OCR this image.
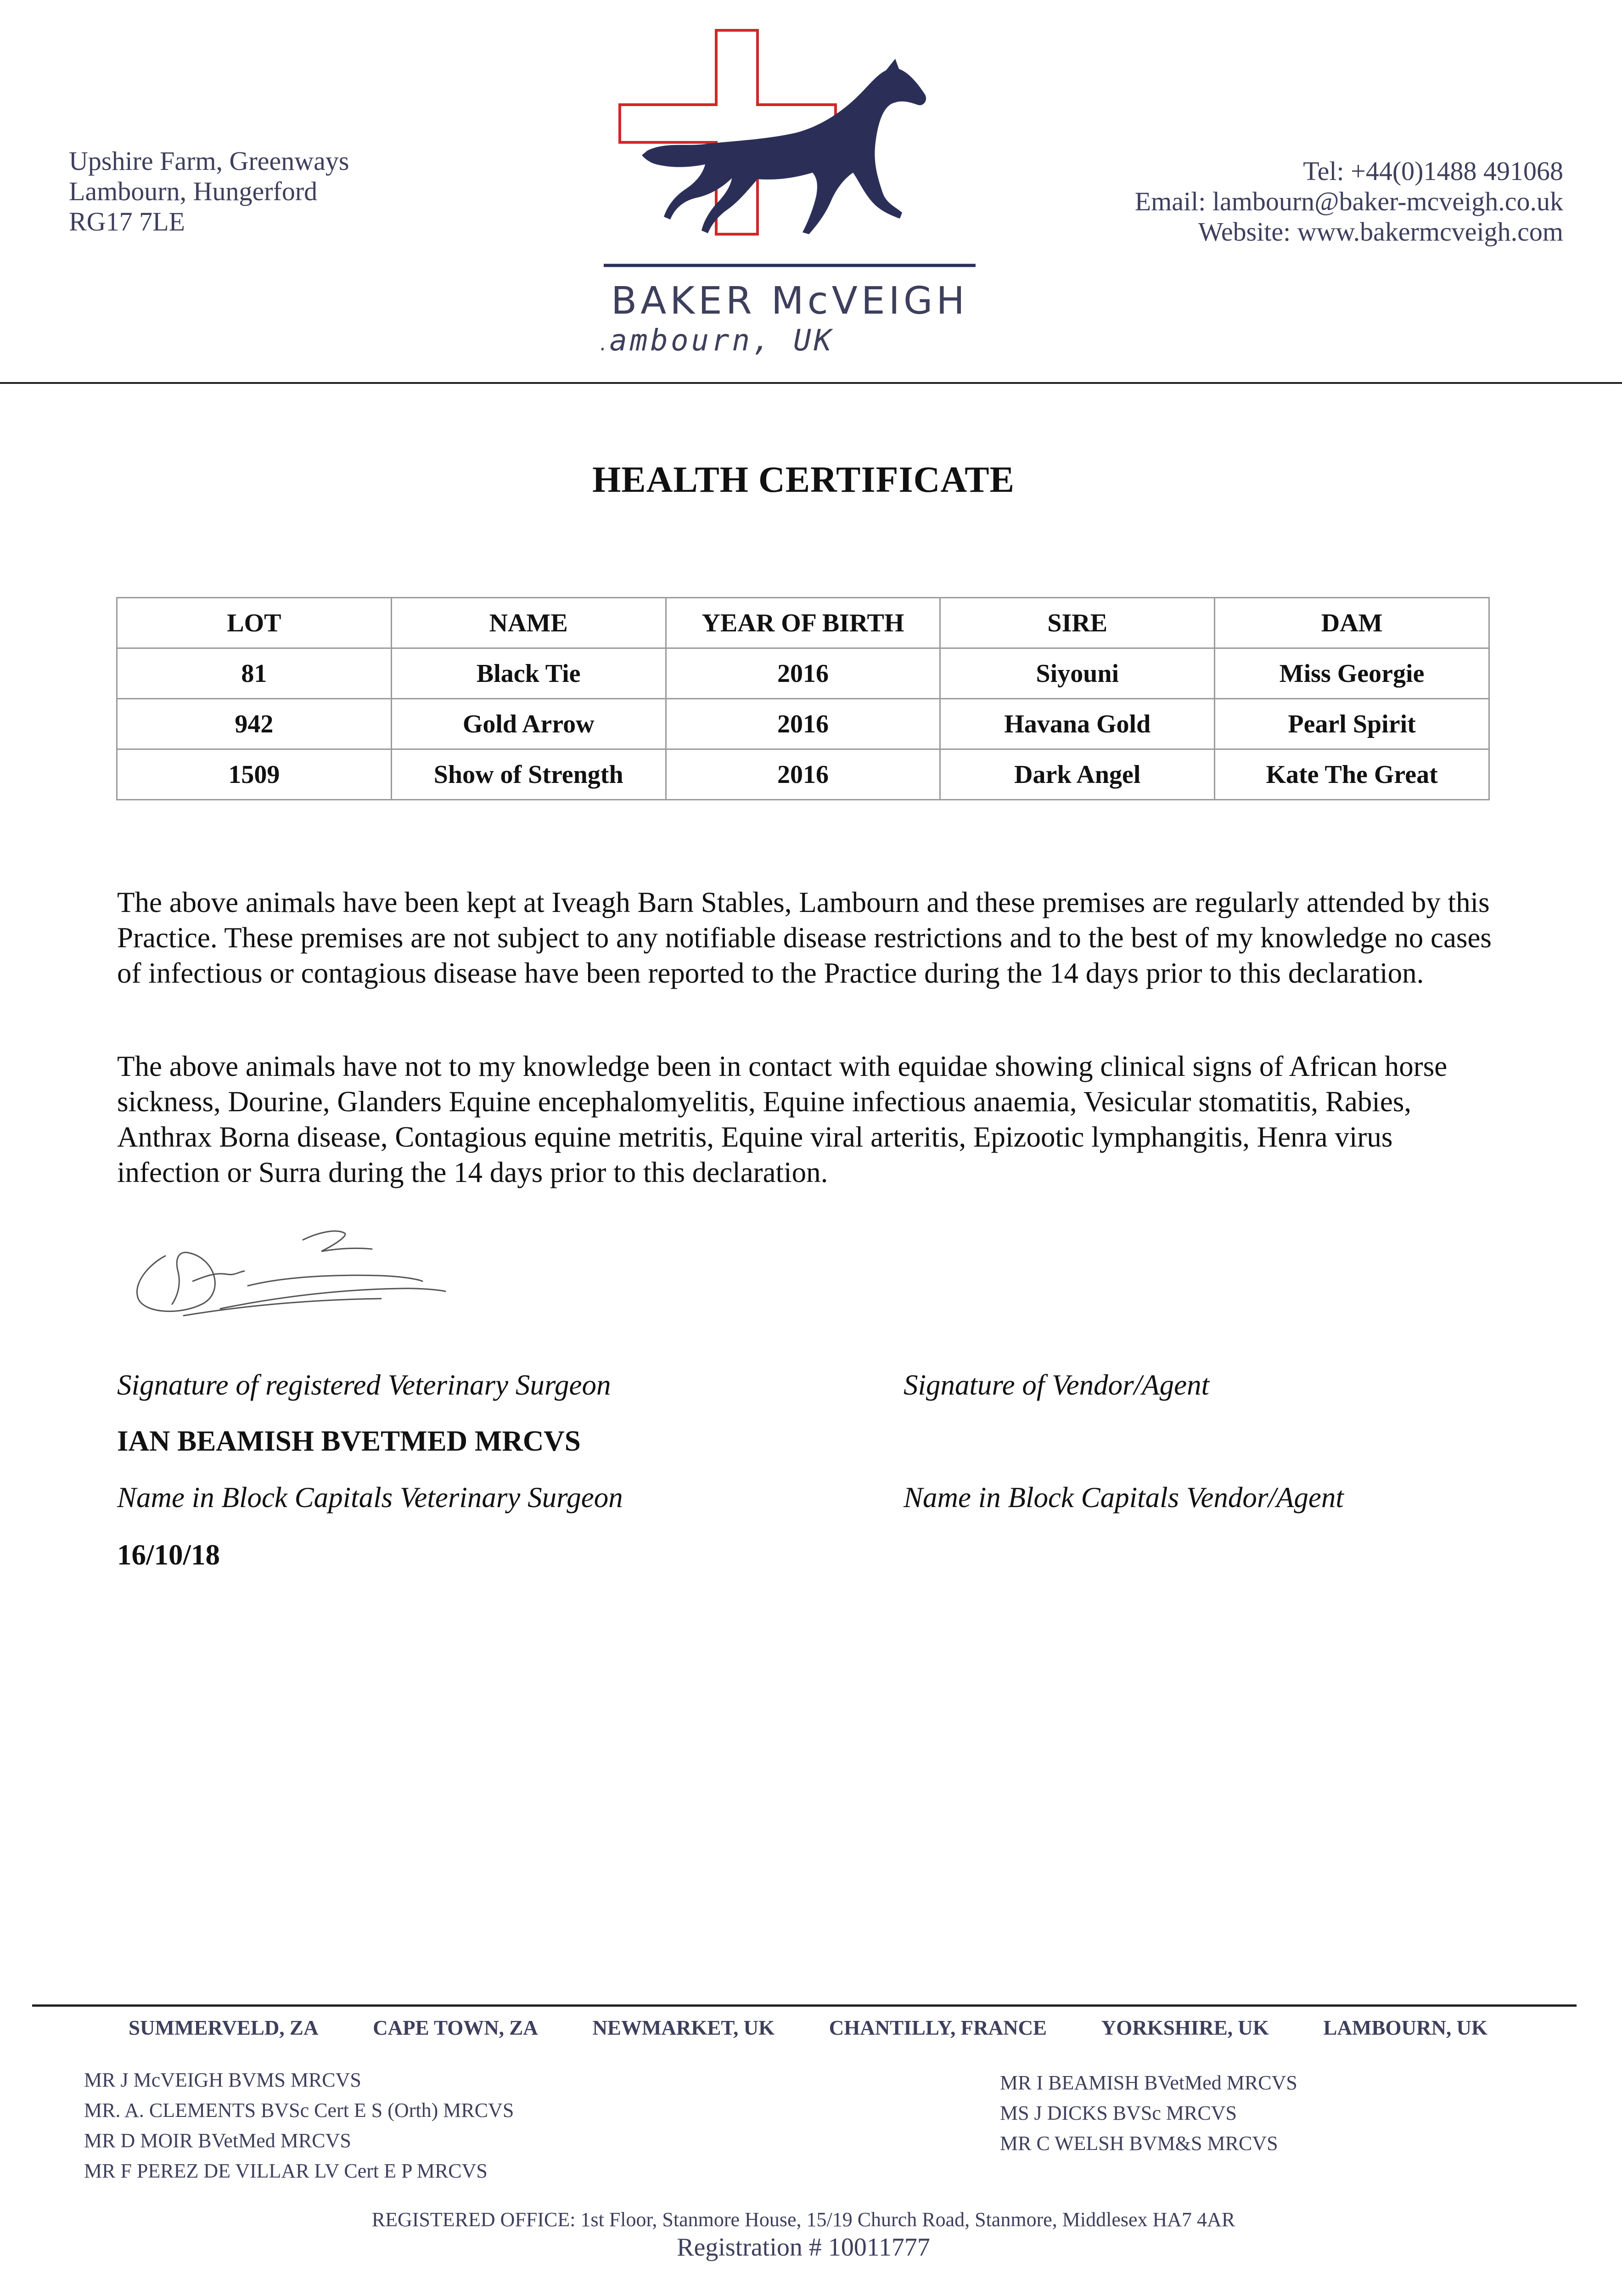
Upshire Farm, Greenways
Lambourn, Hungerford
RG17 7LE
BAKER McVEIGH
Lambourn, UK
Tel: +44(0)1488 491068
Email: lambourn@baker-mcveigh.co.uk
Website: www.bakermcveigh.com
HEALTH CERTIFICATE
LOT	NAME	YEAR OF BIRTH	SIRE	DAM
81	Black Tie	2016	Siyouni	Miss Georgie
942	Gold Arrow	2016	Havana Gold	Pearl Spirit
1509	Show of Strength	2016	Dark Angel	Kate The Great
The above animals have been kept at Iveagh Barn Stables, Lambourn and these premises are regularly attended by this Practice. These premises are not subject to any notifiable disease restrictions and to the best of my knowledge no cases of infectious or contagious disease have been reported to the Practice during the 14 days prior to this declaration.
The above animals have not to my knowledge been in contact with equidae showing clinical signs of African horse sickness, Dourine, Glanders Equine encephalomyelitis, Equine infectious anaemia, Vesicular stomatitis, Rabies, Anthrax Borna disease, Contagious equine metritis, Equine viral arteritis, Epizootic lymphangitis, Henra virus infection or Surra during the 14 days prior to this declaration.
Signature of registered Veterinary Surgeon	Signature of Vendor/Agent
IAN BEAMISH BVETMED MRCVS
Name in Block Capitals Veterinary Surgeon	Name in Block Capitals Vendor/Agent
16/10/18
SUMMERVELD, ZA	CAPE TOWN, ZA	NEWMARKET, UK	CHANTILLY, FRANCE	YORKSHIRE, UK	LAMBOURN, UK
MR J McVEIGH BVMS MRCVS
MR. A. CLEMENTS BVSc Cert E S (Orth) MRCVS
MR D MOIR BVetMed MRCVS
MR F PEREZ DE VILLAR LV Cert E P MRCVS
MR I BEAMISH BVetMed MRCVS
MS J DICKS BVSc MRCVS
MR C WELSH BVM&S MRCVS
REGISTERED OFFICE: 1st Floor, Stanmore House, 15/19 Church Road, Stanmore, Middlesex HA7 4AR
Registration # 10011777
